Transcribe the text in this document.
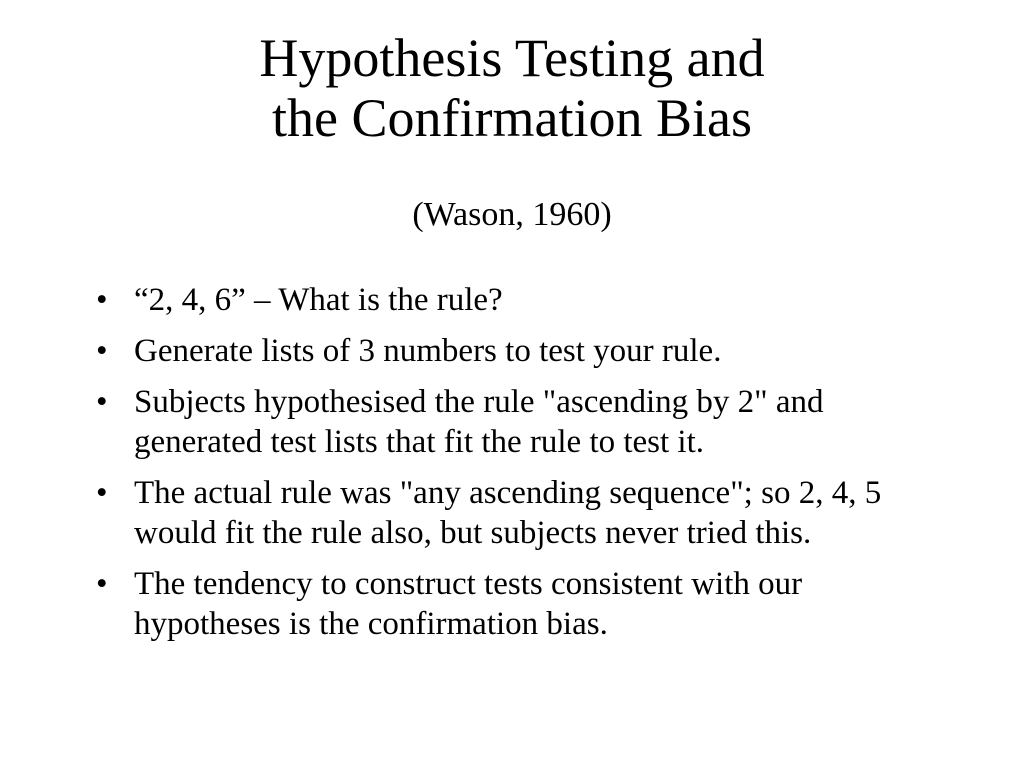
Hypothesis Testing and
the Confirmation Bias

(Wason, 1960)

• “2, 4, 6” – What is the rule?
• Generate lists of 3 numbers to test your rule.
• Subjects hypothesised the rule "ascending by 2" and generated test lists that fit the rule to test it.
• The actual rule was "any ascending sequence"; so 2, 4, 5 would fit the rule also, but subjects never tried this.
• The tendency to construct tests consistent with our hypotheses is the confirmation bias.
